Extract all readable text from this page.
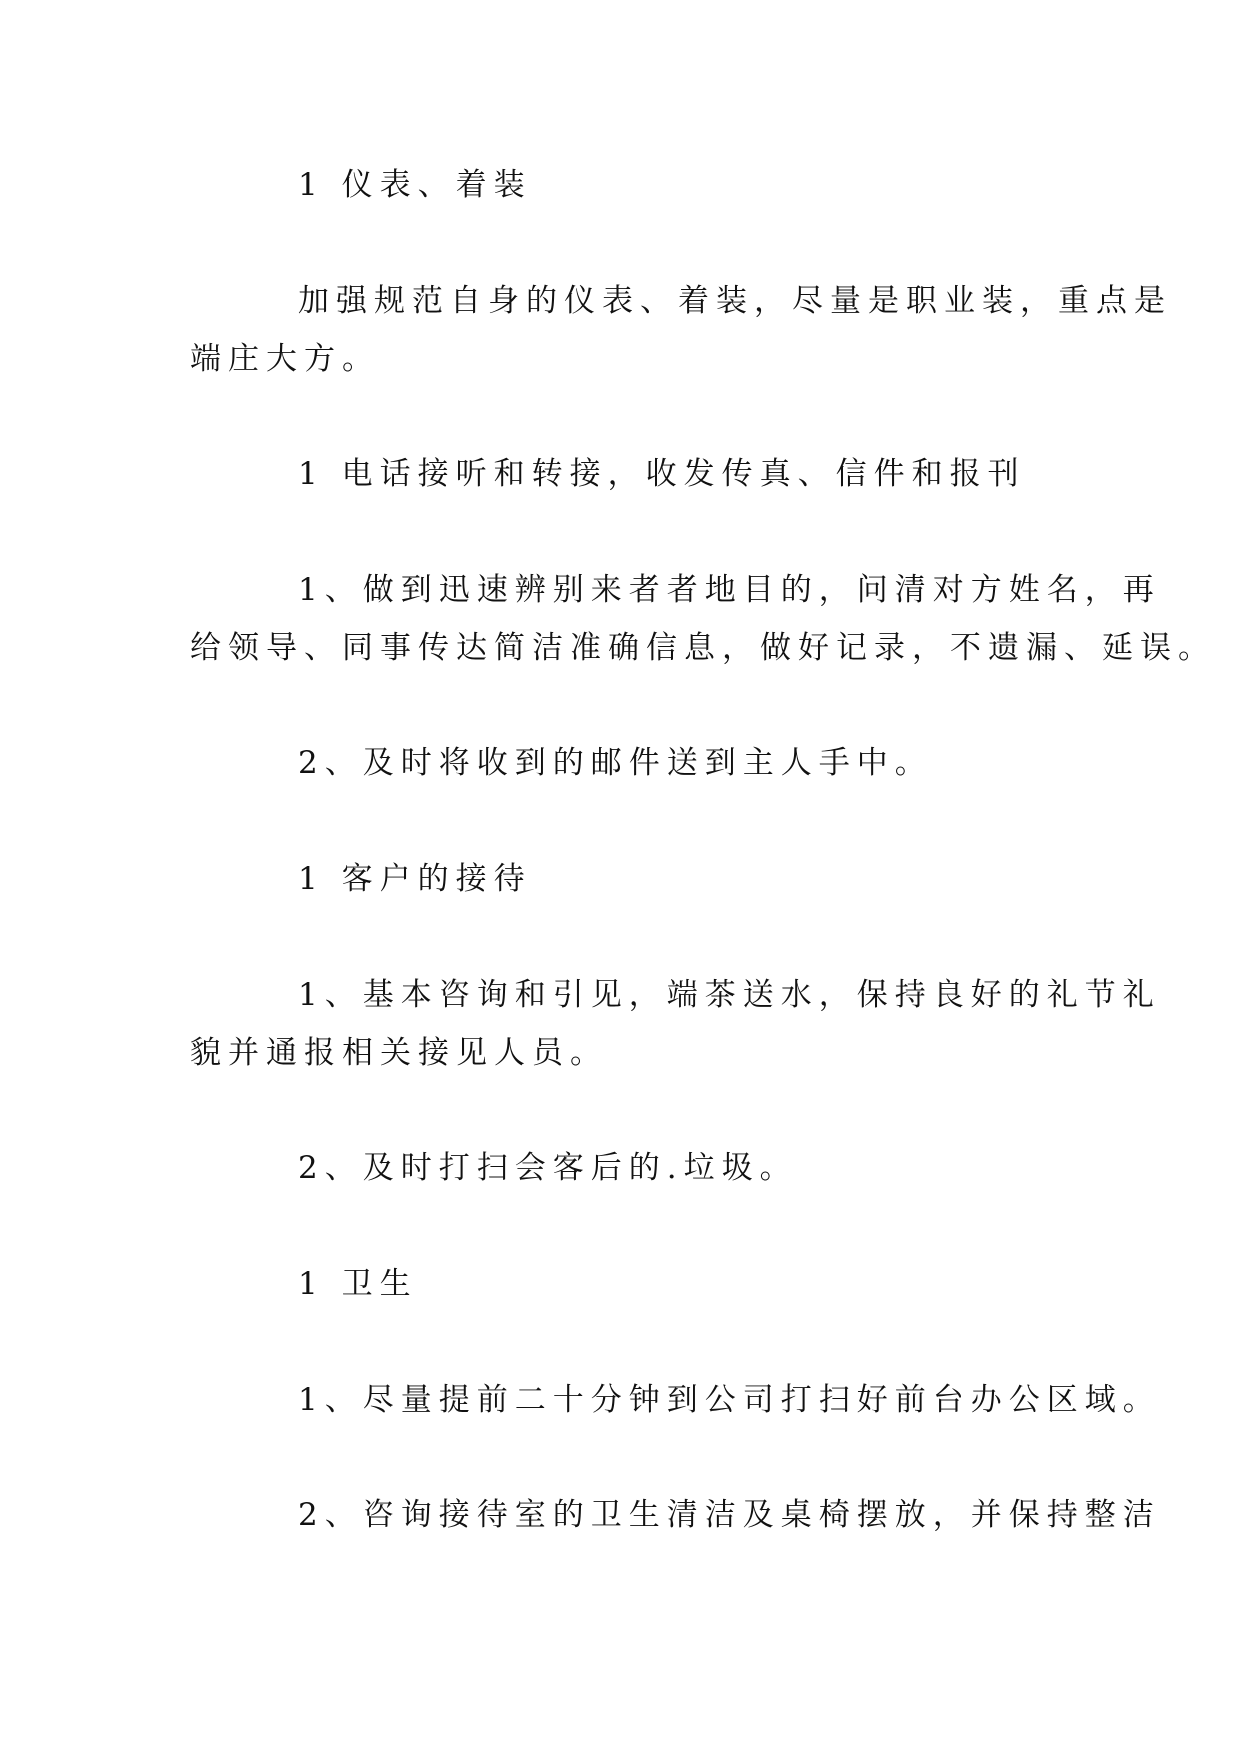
1 仪表、着装
加强规范自身的仪表、着装，尽量是职业装，重点是
端庄大方。
1 电话接听和转接，收发传真、信件和报刊
1、做到迅速辨别来者者地目的，问清对方姓名，再
给领导、同事传达简洁准确信息，做好记录，不遗漏、延误。
2、及时将收到的邮件送到主人手中。
1 客户的接待
1、基本咨询和引见，端茶送水，保持良好的礼节礼
貌并通报相关接见人员。
2、及时打扫会客后的.垃圾。
1 卫生
1、尽量提前二十分钟到公司打扫好前台办公区域。
2、咨询接待室的卫生清洁及桌椅摆放，并保持整洁
